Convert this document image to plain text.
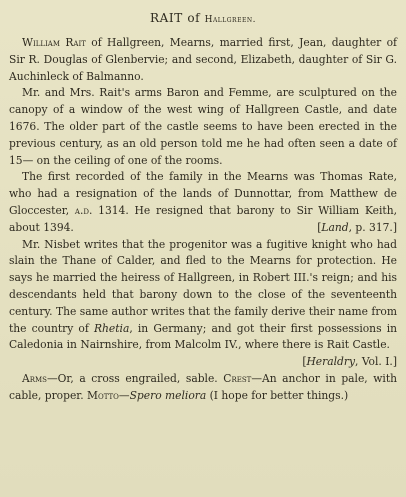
RAIT of Hallgreen.

William Rait of Hallgreen, Mearns, married first, Jean, daughter of Sir R. Douglas of Glenbervie; and second, Elizabeth, daughter of Sir G. Auchinleck of Balmanno.

Mr. and Mrs. Rait's arms Baron and Femme, are sculptured on the canopy of a window of the west wing of Hallgreen Castle, and date 1676. The older part of the castle seems to have been erected in the previous century, as an old person told me he had often seen a date of 15— on the ceiling of one of the rooms.

The first recorded of the family in the Mearns was Thomas Rate, who had a resignation of the lands of Dunnottar, from Matthew de Gloccester, a.d. 1314. He resigned that barony to Sir William Keith, about 1394.	[Land, p. 317.]

Mr. Nisbet writes that the progenitor was a fugitive knight who had slain the Thane of Calder, and fled to the Mearns for protection. He says he married the heiress of Hallgreen, in Robert III.'s reign; and his descendants held that barony down to the close of the seventeenth century. The same author writes that the family derive their name from the country of Rhetia, in Germany; and got their first possessions in Caledonia in Nairnshire, from Malcolm IV., where there is Rait Castle.
[Heraldry, Vol. I.]

Arms—Or, a cross engrailed, sable. Crest—An anchor in pale, with cable, proper. Motto—Spero meliora (I hope for better things.)
